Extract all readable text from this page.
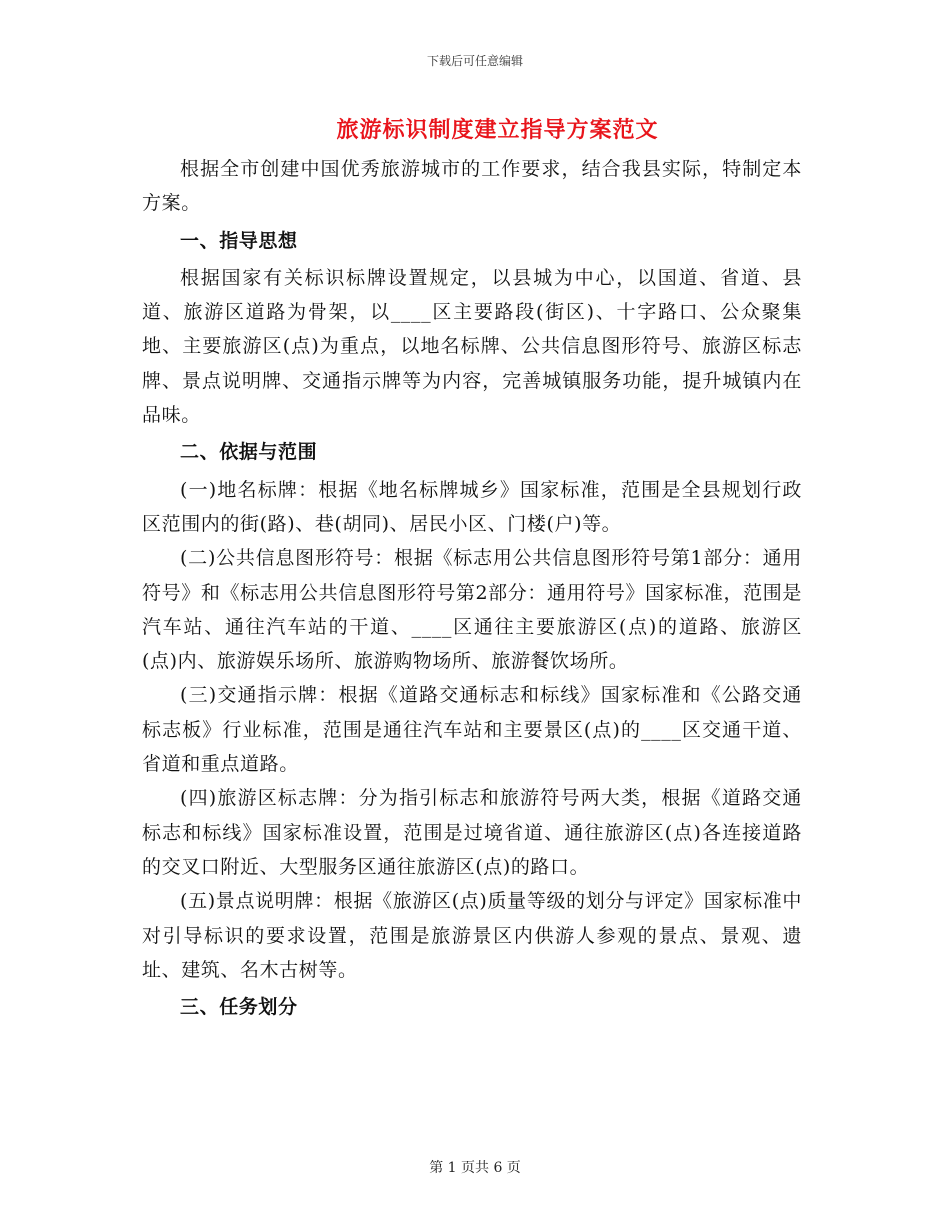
下载后可任意编辑
旅游标识制度建立指导方案范文

根据全市创建中国优秀旅游城市的工作要求，结合我县实际，特制定本方案。

一、指导思想

根据国家有关标识标牌设置规定，以县城为中心，以国道、省道、县道、旅游区道路为骨架，以____区主要路段(街区)、十字路口、公众聚集地、主要旅游区(点)为重点，以地名标牌、公共信息图形符号、旅游区标志牌、景点说明牌、交通指示牌等为内容，完善城镇服务功能，提升城镇内在品味。

二、依据与范围

(一)地名标牌：根据《地名标牌城乡》国家标准，范围是全县规划行政区范围内的街(路)、巷(胡同)、居民小区、门楼(户)等。

(二)公共信息图形符号：根据《标志用公共信息图形符号第1部分：通用符号》和《标志用公共信息图形符号第2部分：通用符号》国家标准，范围是汽车站、通往汽车站的干道、____区通往主要旅游区(点)的道路、旅游区(点)内、旅游娱乐场所、旅游购物场所、旅游餐饮场所。

(三)交通指示牌：根据《道路交通标志和标线》国家标准和《公路交通标志板》行业标准，范围是通往汽车站和主要景区(点)的____区交通干道、省道和重点道路。

(四)旅游区标志牌：分为指引标志和旅游符号两大类，根据《道路交通标志和标线》国家标准设置，范围是过境省道、通往旅游区(点)各连接道路的交叉口附近、大型服务区通往旅游区(点)的路口。

(五)景点说明牌：根据《旅游区(点)质量等级的划分与评定》国家标准中对引导标识的要求设置，范围是旅游景区内供游人参观的景点、景观、遗址、建筑、名木古树等。

三、任务划分

第 1 页共 6 页
